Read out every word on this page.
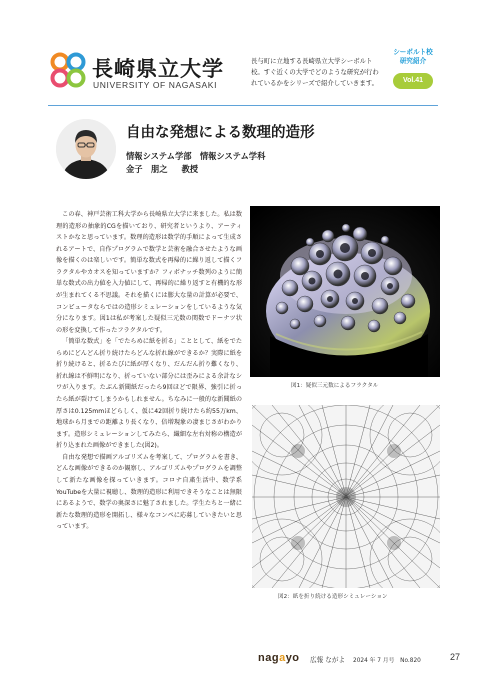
長崎県立大学
UNIVERSITY OF NAGASAKI
長与町に立地する長崎県立大学シーボルト校。すぐ近くの大学でどのような研究が行われているかをシリーズで紹介していきます。
シーボルト校
研究紹介
Vol.41
自由な発想による数理的造形
情報システム学部　情報システム学科
金子　朋之 教授

この春、神戸芸術工科大学から長崎県立大学に来ました。私は数理的造形の抽象的CGを描いており、研究者というより、アーティストかなと思っています。数理的造形は数学的手順によって生成されるアートで、自作プログラムで数学と芸術を融合させたような画像を描くのは楽しいです。簡単な数式を再帰的に繰り返して描くフラクタルやカオスを知っていますか？フィボナッチ数列のように簡単な数式の出力値を入力値にして、再帰的に繰り返すと有機的な形が生まれてくる不思議。それを描くには膨大な量の計算が必要で、コンピュータならではの造形シミュレーションをしているような気分になります。図1は私が考案した疑似三元数の関数でドーナツ状の形を変換して作ったフラクタルです。

「簡単な数式」を「でたらめに紙を折る」こととして、紙をでたらめにどんどん折り続けたらどんな折れ線ができるか？実際に紙を折り続けると、折るたびに紙が厚くなり、だんだん折り難くなり、折れ線は不鮮明になり、折っていない部分には歪みによる余計なシワが入ります。たぶん新聞紙だったら9回ほどで限界、強引に折ったら紙が裂けてしまうかもしれません。ちなみに一般的な新聞紙の厚さは0.125mmほどらしく、仮に42回折り続けたら約55万km、地球から月までの距離より長くなり、倍増現象の凄まじさがわかります。造形シミュレーションしてみたら、繊細な左右対称の構造が折り込まれた画像ができました(図2)。

自由な発想で描画アルゴリズムを考案して、プログラムを書き、どんな画像ができるのか観察し、アルゴリズムやプログラムを調整して新たな画像を探っていきます。コロナ自粛生活中、数学系YouTubeを大量に視聴し、数理的造形に利用できそうなことは無限にあるようで、数学の奥深さに魅了されました。学生たちと一緒に新たな数理的造形を開拓し、様々なコンペに応募していきたいと思っています。

図1：疑似三元数によるフラクタル
図2：紙を折り続ける造形シミュレーション
nagayo 広報 ながよ 2024 年 7 月号　No.820	27
